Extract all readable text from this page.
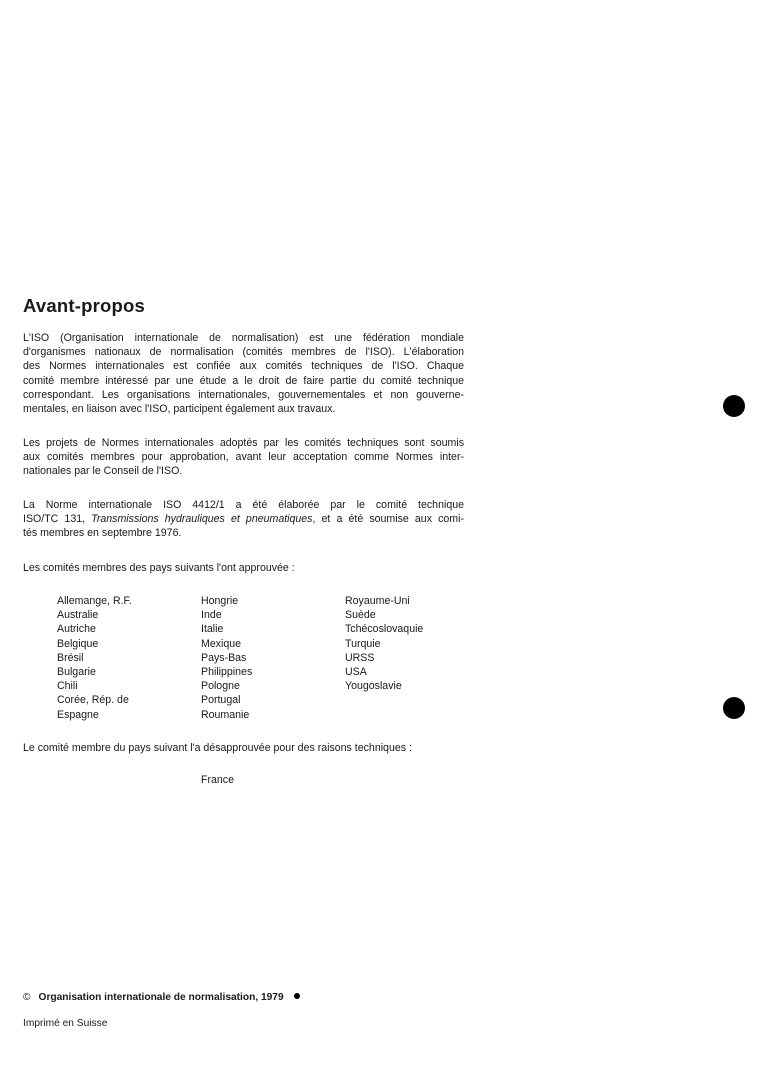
Avant-propos

L'ISO (Organisation internationale de normalisation) est une fédération mondiale
d'organismes nationaux de normalisation (comités membres de l'ISO). L'élaboration
des Normes internationales est confiée aux comités techniques de l'ISO. Chaque
comité membre intéressé par une étude a le droit de faire partie du comité technique
correspondant. Les organisations internationales, gouvernementales et non gouverne-
mentales, en liaison avec l'ISO, participent également aux travaux.

Les projets de Normes internationales adoptés par les comités techniques sont soumis
aux comités membres pour approbation, avant leur acceptation comme Normes inter-
nationales par le Conseil de l'ISO.

La Norme internationale ISO 4412/1 a été élaborée par le comité technique
ISO/TC 131, Transmissions hydrauliques et pneumatiques, et a été soumise aux comi-
tés membres en septembre 1976.

Les comités membres des pays suivants l'ont approuvée :

Allemange, R.F.
Australie
Autriche
Belgique
Brésil
Bulgarie
Chili
Corée, Rép. de
Espagne
Hongrie
Inde
Italie
Mexique
Pays-Bas
Philippines
Pologne
Portugal
Roumanie
Royaume-Uni
Suède
Tchécoslovaquie
Turquie
URSS
USA
Yougoslavie

Le comité membre du pays suivant l'a désapprouvée pour des raisons techniques :

France
© Organisation internationale de normalisation, 1979
Imprimé en Suisse
